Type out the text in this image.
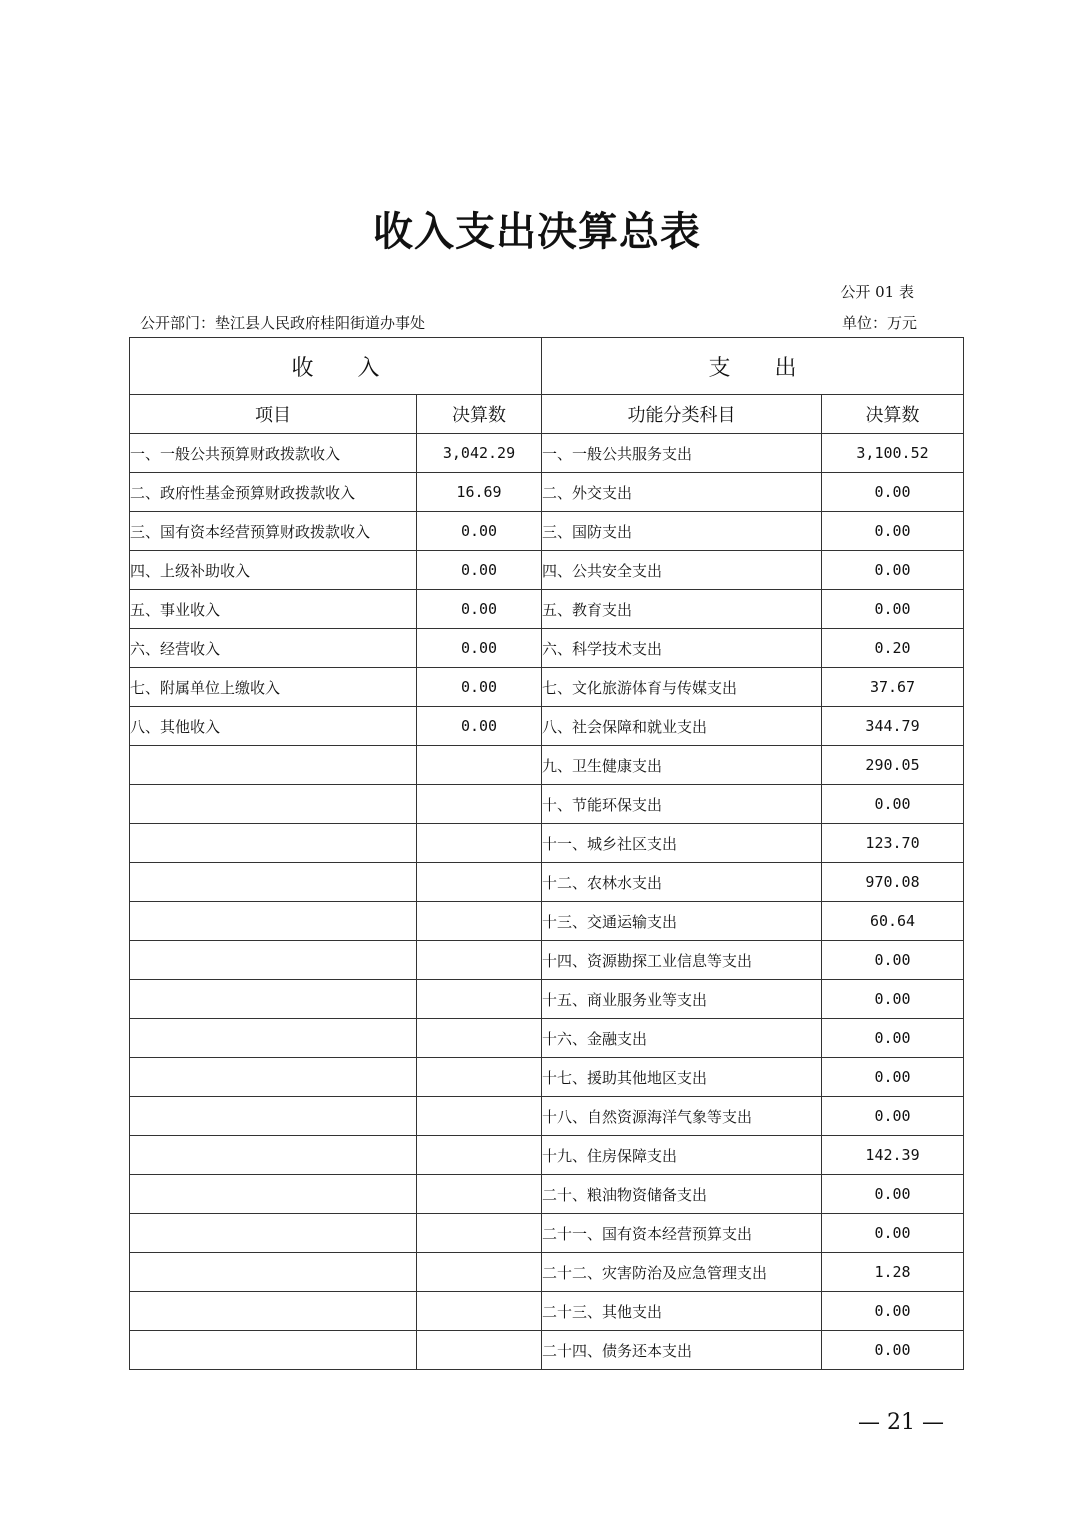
收入支出决算总表
公开 01 表
公开部门：垫江县人民政府桂阳街道办事处	单位：万元
收　　入		支　　出	
项目	决算数	功能分类科目	决算数
一、一般公共预算财政拨款收入	3,042.29	一、一般公共服务支出	3,100.52
二、政府性基金预算财政拨款收入	16.69	二、外交支出	0.00
三、国有资本经营预算财政拨款收入	0.00	三、国防支出	0.00
四、上级补助收入	0.00	四、公共安全支出	0.00
五、事业收入	0.00	五、教育支出	0.00
六、经营收入	0.00	六、科学技术支出	0.20
七、附属单位上缴收入	0.00	七、文化旅游体育与传媒支出	37.67
八、其他收入	0.00	八、社会保障和就业支出	344.79
		九、卫生健康支出	290.05
		十、节能环保支出	0.00
		十一、城乡社区支出	123.70
		十二、农林水支出	970.08
		十三、交通运输支出	60.64
		十四、资源勘探工业信息等支出	0.00
		十五、商业服务业等支出	0.00
		十六、金融支出	0.00
		十七、援助其他地区支出	0.00
		十八、自然资源海洋气象等支出	0.00
		十九、住房保障支出	142.39
		二十、粮油物资储备支出	0.00
		二十一、国有资本经营预算支出	0.00
		二十二、灾害防治及应急管理支出	1.28
		二十三、其他支出	0.00
		二十四、债务还本支出	0.00
— 21 —
